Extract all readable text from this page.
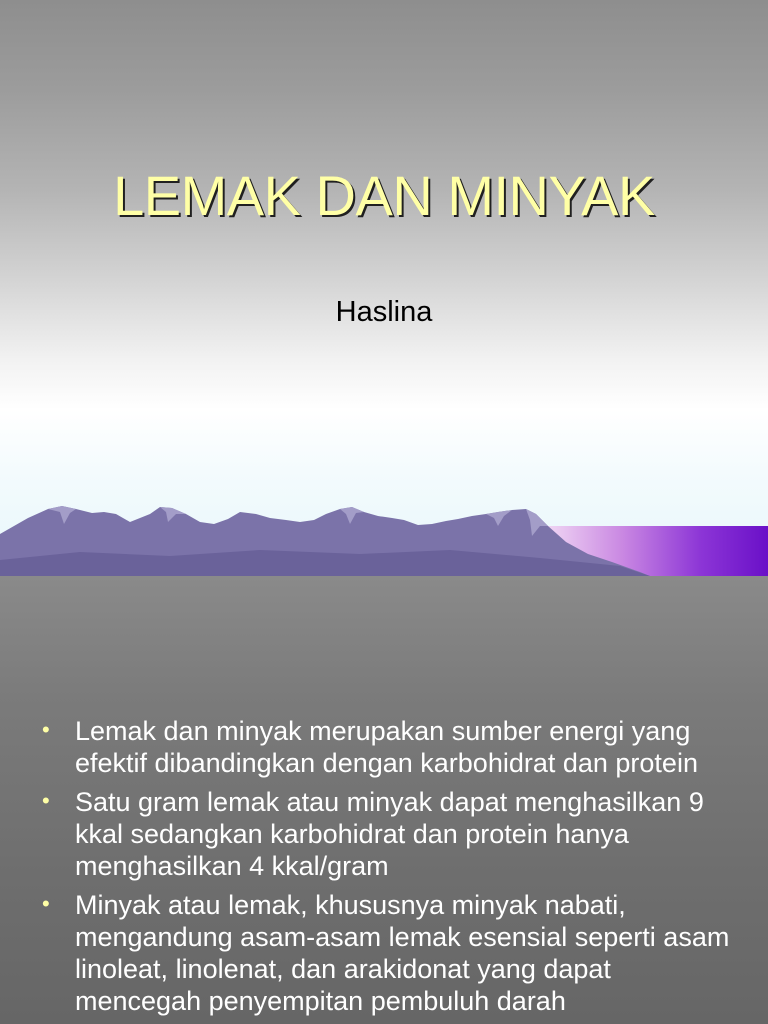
LEMAK DAN MINYAK

Haslina

• Lemak dan minyak merupakan sumber energi yang efektif dibandingkan dengan karbohidrat dan protein
• Satu gram lemak atau minyak dapat menghasilkan 9 kkal sedangkan karbohidrat dan protein hanya menghasilkan 4 kkal/gram
• Minyak atau lemak, khususnya minyak nabati, mengandung asam-asam lemak esensial seperti asam linoleat, linolenat, dan arakidonat yang dapat mencegah penyempitan pembuluh darah
